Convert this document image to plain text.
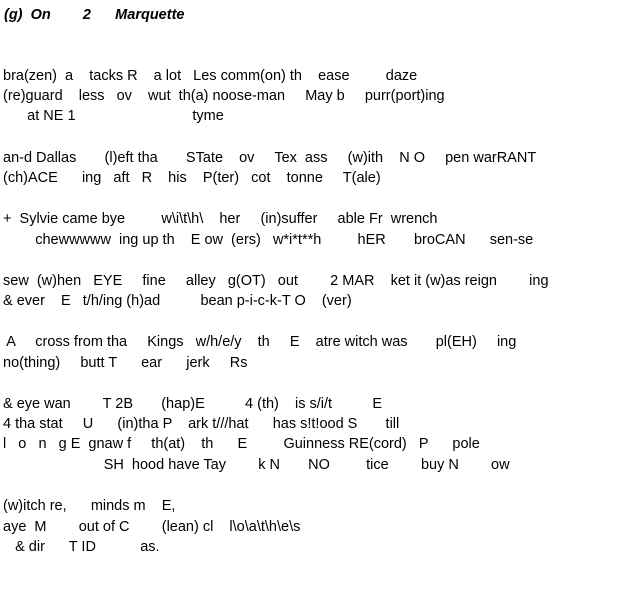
(g)  On        2      Marquette
bra(zen)  a    tacks R    a lot   Les comm(on) th    ease         daze
(re)guard    less   ov    wut  th(a) noose-man     May b     purr(port)ing
at NE 1                             tyme
an-d Dallas       (l)eft tha       STate    ov     Tex  ass     (w)ith    N O     pen warRANT
(ch)ACE      ing   aft   R    his    P(ter)   cot    tonne     T(ale)
+  Sylvie came bye         w\i\t\h\    her     (in)suffer     able Fr  wrench
chewwwww  ing up th    E ow  (ers)   w*i*t**h         hER       broCAN      sen-se
sew  (w)hen   EYE     fine     alley   g(OT)   out        2 MAR    ket it (w)as reign        ing
& ever    E   t/h/ing (h)ad          bean p-i-c-k-T O    (ver)
A     cross from tha     Kings   w/h/e/y    th     E    atre witch was       pl(EH)     ing
no(thing)     butt T      ear      jerk     Rs
& eye wan        T 2B       (hap)E          4 (th)    is s/i/t          E
4 tha stat     U      (in)tha P    ark t///hat      has s!t!ood S       till
l   o   n   g E  gnaw f     th(at)    th      E         Guinness RE(cord)   P      pole
SH  hood have Tay        k N       NO         tice        buy N        ow
(w)itch re,      minds m    E,
aye  M        out of C        (lean) cl    l\o\a\t\h\e\s
& dir      T ID           as.
